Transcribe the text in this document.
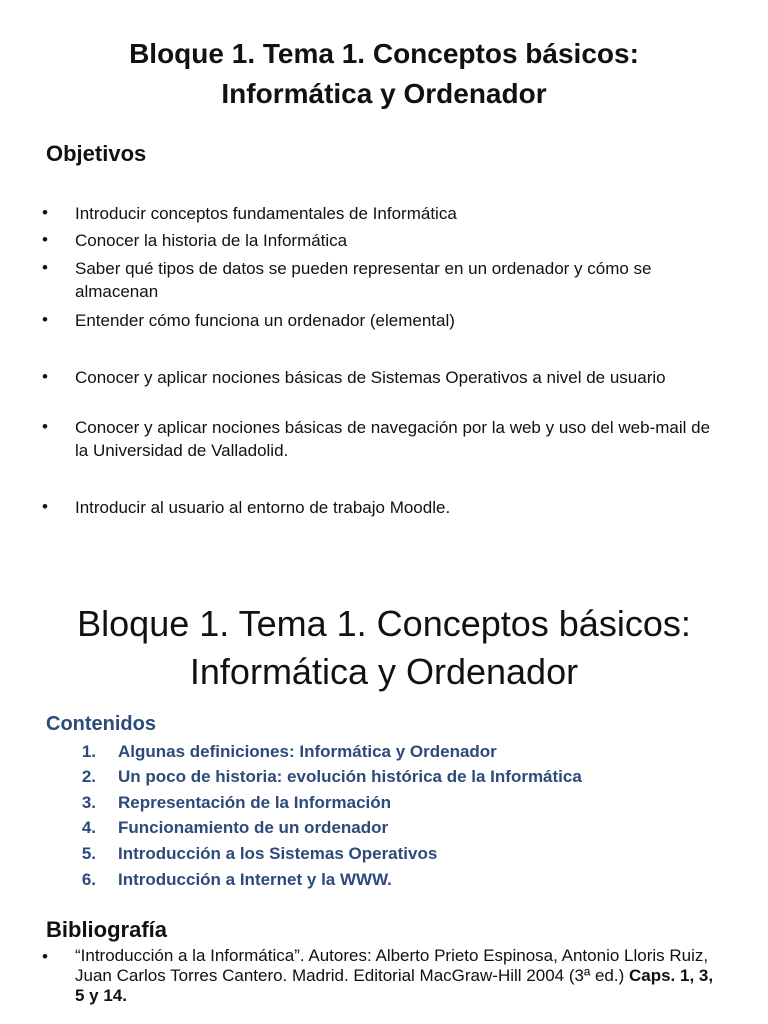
Bloque 1. Tema 1. Conceptos básicos:
Informática y Ordenador
Objetivos
• Introducir conceptos fundamentales de Informática
• Conocer la historia de la Informática
• Saber qué tipos de datos se pueden representar en un ordenador y cómo se almacenan
• Entender cómo funciona un ordenador (elemental)
• Conocer y aplicar nociones básicas de Sistemas Operativos a nivel de usuario
• Conocer y aplicar nociones básicas de navegación por la web y uso del web-mail de la Universidad de Valladolid.
• Introducir al usuario al entorno de trabajo Moodle.
Bloque 1. Tema 1. Conceptos básicos:
Informática y Ordenador
Contenidos
1. Algunas definiciones: Informática y Ordenador
2. Un poco de historia: evolución histórica de la Informática
3. Representación de la Información
4. Funcionamiento de un ordenador
5. Introducción a los Sistemas Operativos
6. Introducción a Internet y la WWW.
Bibliografía
• “Introducción a la Informática”. Autores: Alberto Prieto Espinosa, Antonio Lloris Ruiz, Juan Carlos Torres Cantero. Madrid. Editorial MacGraw-Hill 2004 (3ª ed.) Caps. 1, 3, 5 y 14.
